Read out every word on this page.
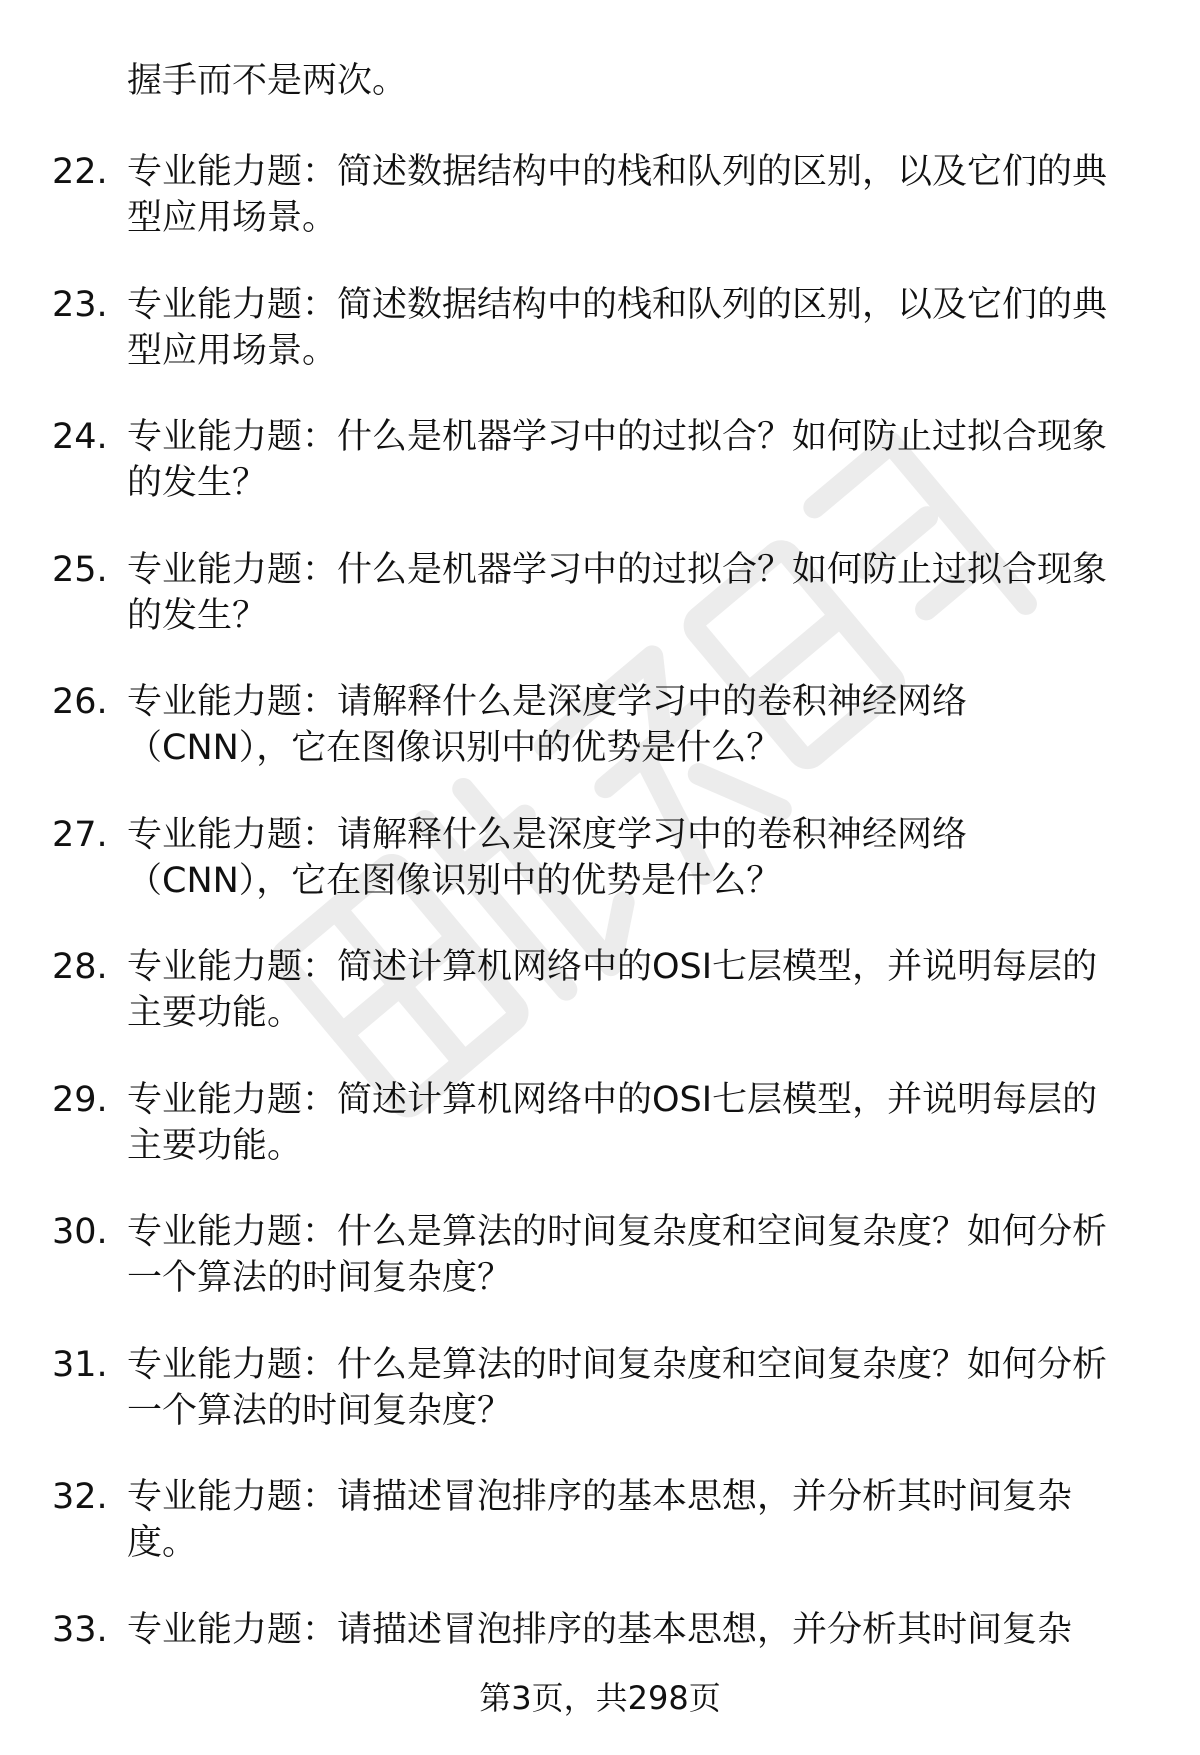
握手而不是两次。
22. 专业能力题：简述数据结构中的栈和队列的区别，以及它们的典
型应用场景。
23. 专业能力题：简述数据结构中的栈和队列的区别，以及它们的典
型应用场景。
24. 专业能力题：什么是机器学习中的过拟合？如何防止过拟合现象
的发生？
25. 专业能力题：什么是机器学习中的过拟合？如何防止过拟合现象
的发生？
26. 专业能力题：请解释什么是深度学习中的卷积神经网络
（CNN），它在图像识别中的优势是什么？
27. 专业能力题：请解释什么是深度学习中的卷积神经网络
（CNN），它在图像识别中的优势是什么？
28. 专业能力题：简述计算机网络中的OSI七层模型，并说明每层的
主要功能。
29. 专业能力题：简述计算机网络中的OSI七层模型，并说明每层的
主要功能。
30. 专业能力题：什么是算法的时间复杂度和空间复杂度？如何分析
一个算法的时间复杂度？
31. 专业能力题：什么是算法的时间复杂度和空间复杂度？如何分析
一个算法的时间复杂度？
32. 专业能力题：请描述冒泡排序的基本思想，并分析其时间复杂
度。
33. 专业能力题：请描述冒泡排序的基本思想，并分析其时间复杂
第3页，共298页
